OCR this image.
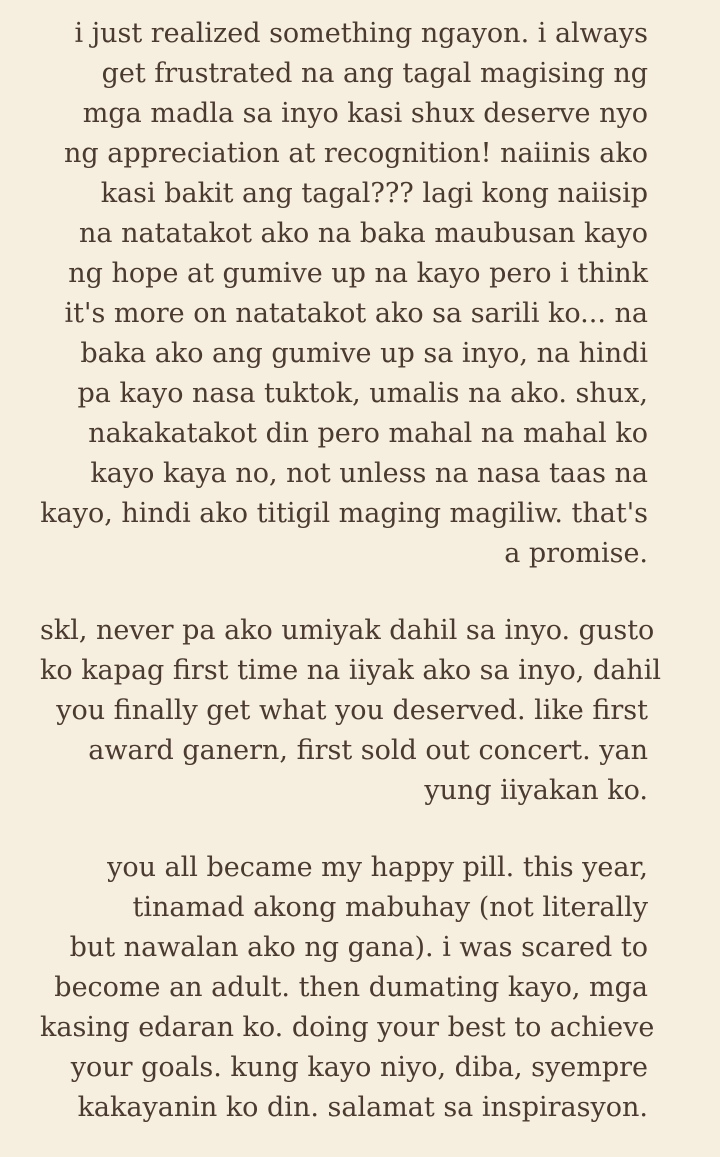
i just realized something ngayon. i always
get frustrated na ang tagal magising ng
mga madla sa inyo kasi shux deserve nyo
ng appreciation at recognition! naiinis ako
kasi bakit ang tagal??? lagi kong naiisip
na natatakot ako na baka maubusan kayo
ng hope at gumive up na kayo pero i think
it's more on natatakot ako sa sarili ko... na
baka ako ang gumive up sa inyo, na hindi
pa kayo nasa tuktok, umalis na ako. shux,
nakakatakot din pero mahal na mahal ko
kayo kaya no, not unless na nasa taas na
kayo, hindi ako titigil maging magiliw. that's
a promise.

skl, never pa ako umiyak dahil sa inyo. gusto
ko kapag first time na iiyak ako sa inyo, dahil
you finally get what you deserved. like first
award ganern, first sold out concert. yan
yung iiyakan ko.

you all became my happy pill. this year,
tinamad akong mabuhay (not literally
but nawalan ako ng gana). i was scared to
become an adult. then dumating kayo, mga
kasing edaran ko. doing your best to achieve
your goals. kung kayo niyo, diba, syempre
kakayanin ko din. salamat sa inspirasyon.
